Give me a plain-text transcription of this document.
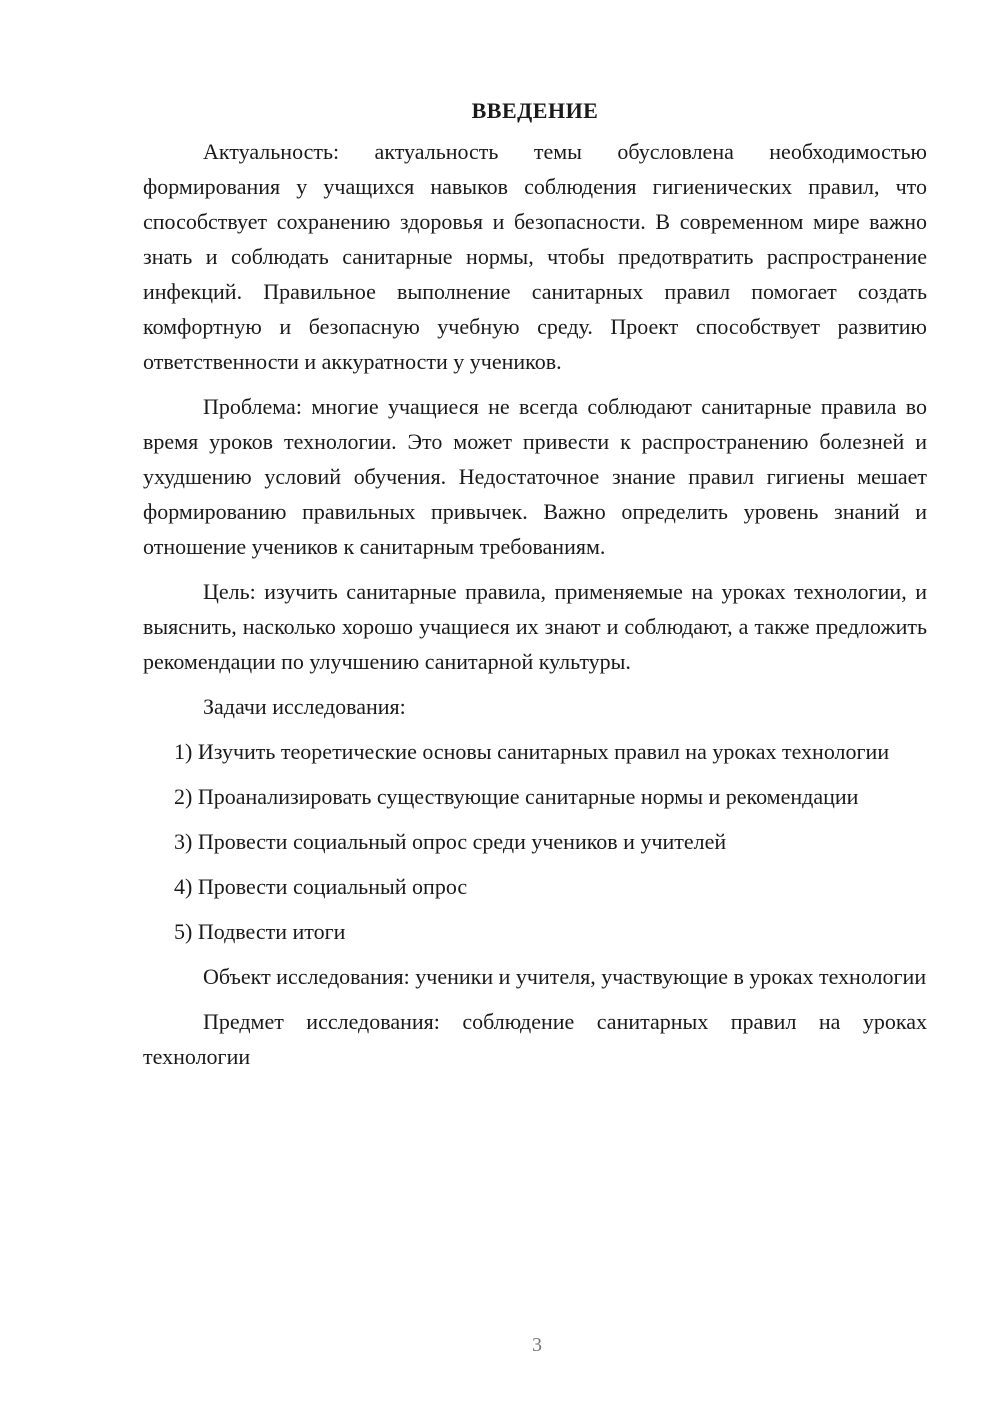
ВВЕДЕНИЕ

Актуальность: актуальность темы обусловлена необходимостью формирования у учащихся навыков соблюдения гигиенических правил, что способствует сохранению здоровья и безопасности. В современном мире важно знать и соблюдать санитарные нормы, чтобы предотвратить распространение инфекций. Правильное выполнение санитарных правил помогает создать комфортную и безопасную учебную среду. Проект способствует развитию ответственности и аккуратности у учеников.

Проблема: многие учащиеся не всегда соблюдают санитарные правила во время уроков технологии. Это может привести к распространению болезней и ухудшению условий обучения. Недостаточное знание правил гигиены мешает формированию правильных привычек. Важно определить уровень знаний и отношение учеников к санитарным требованиям.

Цель: изучить санитарные правила, применяемые на уроках технологии, и выяснить, насколько хорошо учащиеся их знают и соблюдают, а также предложить рекомендации по улучшению санитарной культуры.

Задачи исследования:

1) Изучить теоретические основы санитарных правил на уроках технологии

2) Проанализировать существующие санитарные нормы и рекомендации

3) Провести социальный опрос среди учеников и учителей

4) Провести социальный опрос

5) Подвести итоги

Объект исследования: ученики и учителя, участвующие в уроках технологии

Предмет исследования: соблюдение санитарных правил на уроках технологии

3
